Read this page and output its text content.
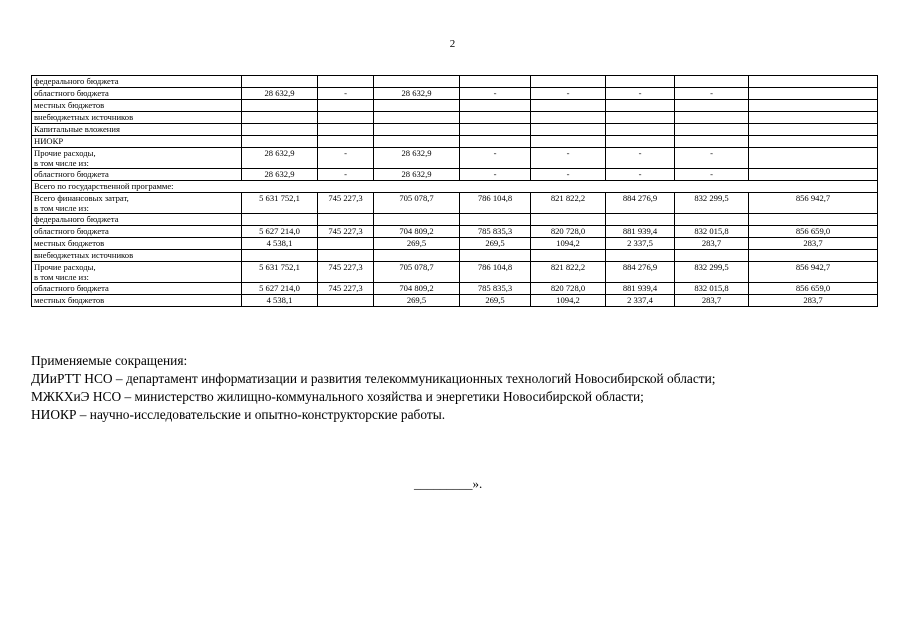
2
федерального бюджета								
областного бюджета	28 632,9	-	28 632,9	-	-	-	-	
местных бюджетов								
внебюджетных источников								
Капитальные вложения								
НИОКР								
Прочие расходы,
в том числе из:	28 632,9	-	28 632,9	-	-	-	-	
областного бюджета	28 632,9	-	28 632,9	-	-	-	-	
Всего по государственной программе:								
Всего финансовых затрат,
в том числе из:	5 631 752,1	745 227,3	705 078,7	786 104,8	821 822,2	884 276,9	832 299,5	856 942,7
федерального бюджета								
областного бюджета	5 627 214,0	745 227,3	704 809,2	785 835,3	820 728,0	881 939,4	832 015,8	856 659,0
местных бюджетов	4 538,1		269,5	269,5	1094,2	2 337,5	283,7	283,7
внебюджетных источников								
Прочие расходы,
в том числе из:	5 631 752,1	745 227,3	705 078,7	786 104,8	821 822,2	884 276,9	832 299,5	856 942,7
областного бюджета	5 627 214,0	745 227,3	704 809,2	785 835,3	820 728,0	881 939,4	832 015,8	856 659,0
местных бюджетов	4 538,1		269,5	269,5	1094,2	2 337,4	283,7	283,7
Применяемые сокращения:
ДИиРТТ НСО – департамент информатизации и развития телекоммуникационных технологий Новосибирской области;
МЖКХиЭ НСО – министерство жилищно-коммунального хозяйства и энергетики Новосибирской области;
НИОКР – научно-исследовательские и опытно-конструкторские работы.
_________».
